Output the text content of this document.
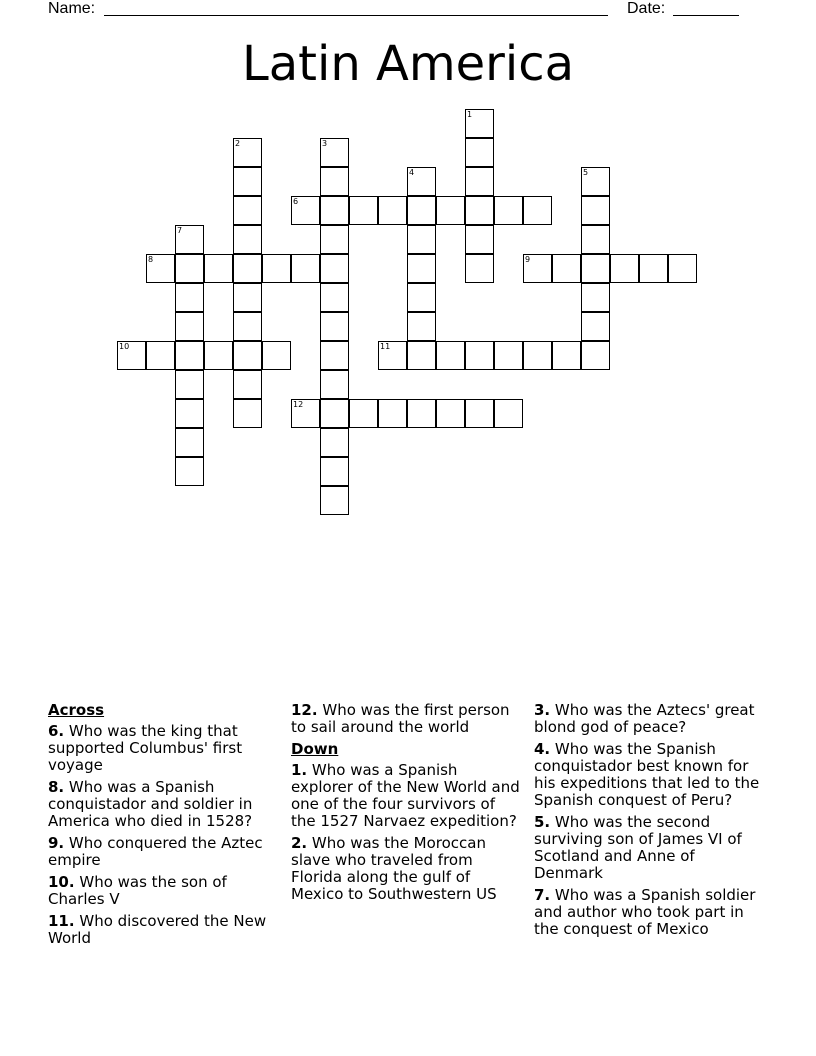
Name:	Date:
Latin America
1
2	3
4	5
6
7
8	9
10	11
12
Across
6. Who was the king that supported Columbus' first voyage
8. Who was a Spanish conquistador and soldier in America who died in 1528?
9. Who conquered the Aztec empire
10. Who was the son of Charles V
11. Who discovered the New World
12. Who was the first person to sail around the world
Down
1. Who was a Spanish explorer of the New World and one of the four survivors of the 1527 Narvaez expedition?
2. Who was the Moroccan slave who traveled from Florida along the gulf of Mexico to Southwestern US
3. Who was the Aztecs' great blond god of peace?
4. Who was the Spanish conquistador best known for his expeditions that led to the Spanish conquest of Peru?
5. Who was the second surviving son of James VI of Scotland and Anne of Denmark
7. Who was a Spanish soldier and author who took part in the conquest of Mexico
